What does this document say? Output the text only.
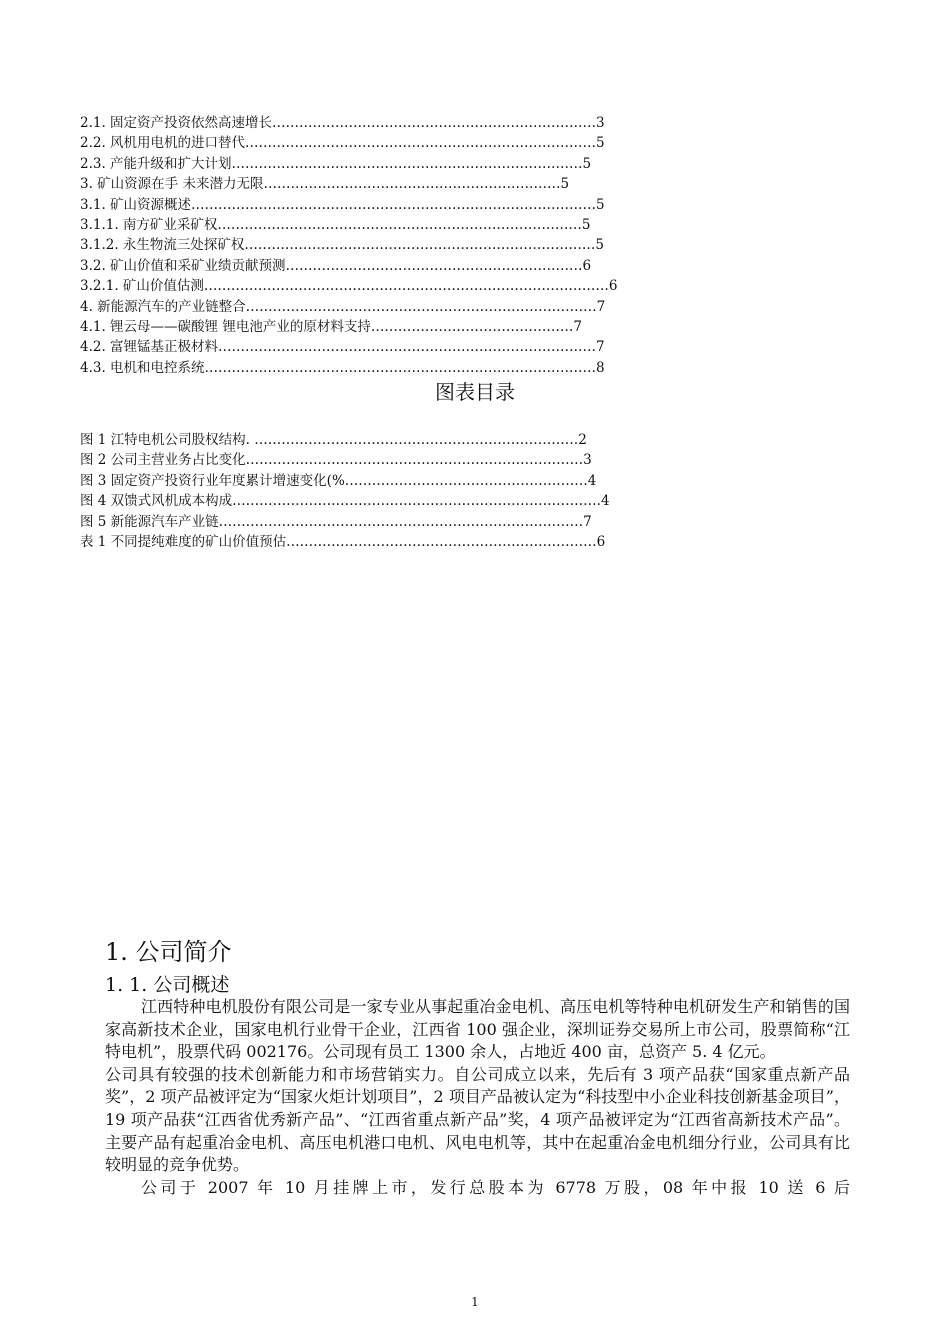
2.1. 固定资产投资依然高速增长………………………………………………………………3
2.2. 风机用电机的进口替代……………………………………………………………………5
2.3. 产能升级和扩大计划……………………………………………………………………5
3. 矿山资源在手 未来潜力无限…………………………………………………………5
3.1. 矿山资源概述………………………………………………………………………………5
3.1.1. 南方矿业采矿权………………………………………………………………………5
3.1.2. 永生物流三处探矿权……………………………………………………………………5
3.2. 矿山价值和采矿业绩贡献预测…………………………………………………………6
3.2.1. 矿山价值估测………………………………………………………………………………6
4. 新能源汽车的产业链整合……………………………………………………………………7
4.1. 锂云母——碳酸锂 锂电池产业的原材料支持………………………………………7
4.2. 富锂锰基正极材料…………………………………………………………………………7
4.3. 电机和电控系统……………………………………………………………………………8
图表目录
图 1 江特电机公司股权结构. ………………………………………………………………2
图 2 公司主营业务占比变化…………………………………………………………………3
图 3 固定资产投资行业年度累计增速变化(%………………………………………………4
图 4 双馈式风机成本构成……………………………………………………………………….4
图 5 新能源汽车产业链………………………………………………………………………7
表 1 不同提纯难度的矿山价值预估……………………………………………………………6
1. 公司简介
1. 1. 公司概述

江西特种电机股份有限公司是一家专业从事起重冶金电机、高压电机等特种电机研发生产和销售的国家高新技术企业，国家电机行业骨干企业，江西省 100 强企业，深圳证券交易所上市公司，股票简称“江特电机”，股票代码 002176。公司现有员工 1300 余人，占地近 400 亩，总资产 5. 4 亿元。

公司具有较强的技术创新能力和市场营销实力。自公司成立以来，先后有 3 项产品获“国家重点新产品奖”，2 项产品被评定为“国家火炬计划项目”，2 项目产品被认定为“科技型中小企业科技创新基金项目”，19 项产品获“江西省优秀新产品”、“江西省重点新产品”奖，4 项产品被评定为“江西省高新技术产品”。主要产品有起重冶金电机、高压电机港口电机、风电电机等，其中在起重冶金电机细分行业，公司具有比较明显的竞争优势。

公司于 2007 年 10 月挂牌上市，发行总股本为 6778 万股，08 年中报 10 送 6 后

1
